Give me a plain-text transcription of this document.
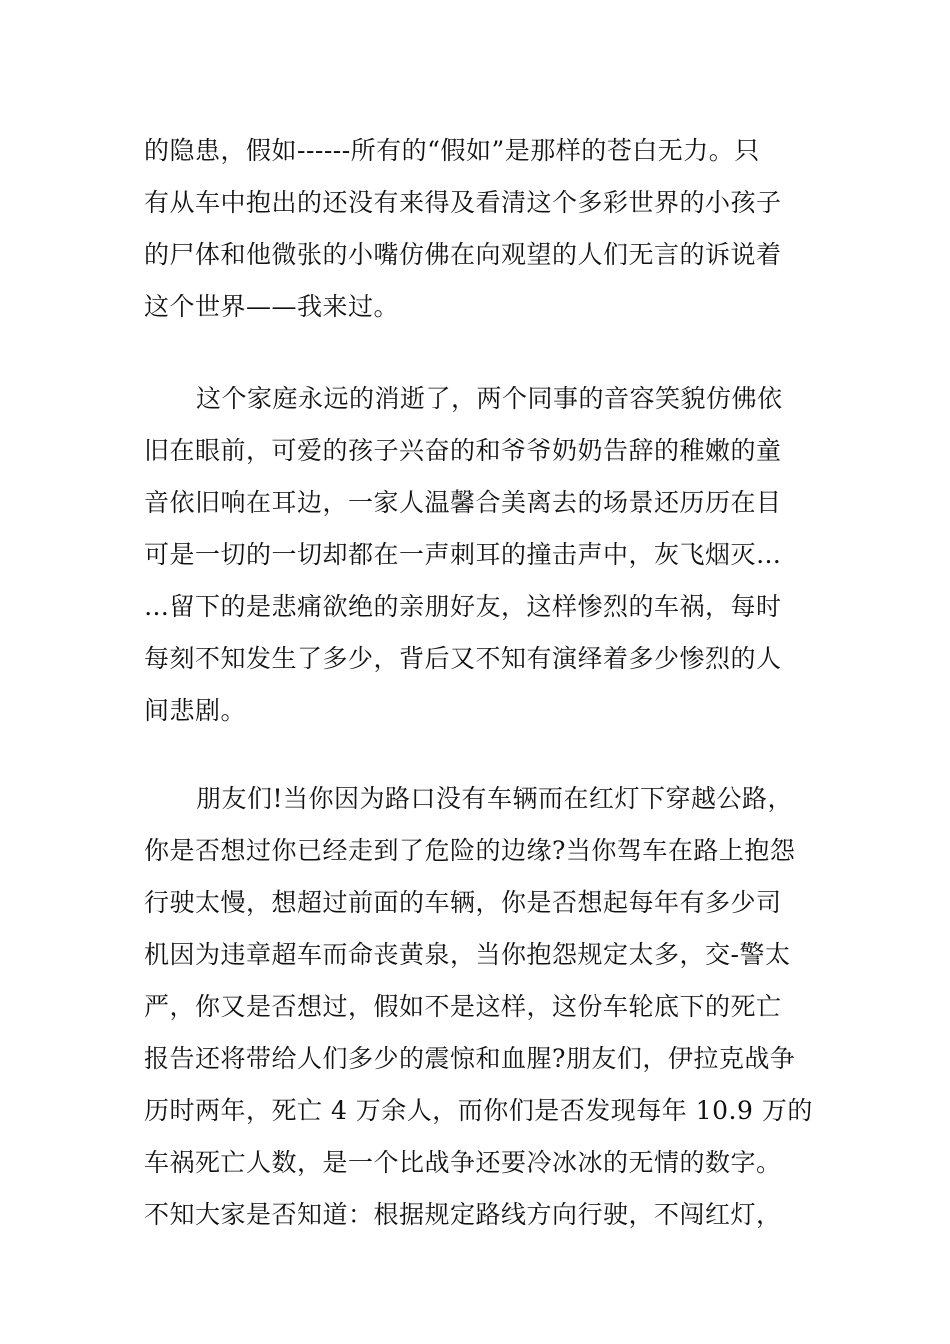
的隐患，假如------所有的“假如”是那样的苍白无力。只
有从车中抱出的还没有来得及看清这个多彩世界的小孩子
的尸体和他微张的小嘴仿佛在向观望的人们无言的诉说着
这个世界——我来过。
这个家庭永远的消逝了，两个同事的音容笑貌仿佛依
旧在眼前，可爱的孩子兴奋的和爷爷奶奶告辞的稚嫩的童
音依旧响在耳边，一家人温馨合美离去的场景还历历在目
可是一切的一切却都在一声刺耳的撞击声中，灰飞烟灭…
…留下的是悲痛欲绝的亲朋好友，这样惨烈的车祸，每时
每刻不知发生了多少，背后又不知有演绎着多少惨烈的人
间悲剧。
朋友们!当你因为路口没有车辆而在红灯下穿越公路，
你是否想过你已经走到了危险的边缘?当你驾车在路上抱怨
行驶太慢，想超过前面的车辆，你是否想起每年有多少司
机因为违章超车而命丧黄泉，当你抱怨规定太多，交-警太
严，你又是否想过，假如不是这样，这份车轮底下的死亡
报告还将带给人们多少的震惊和血腥?朋友们，伊拉克战争
历时两年，死亡 4 万余人，而你们是否发现每年 10.9 万的
车祸死亡人数，是一个比战争还要冷冰冰的无情的数字。
不知大家是否知道：根据规定路线方向行驶，不闯红灯，
